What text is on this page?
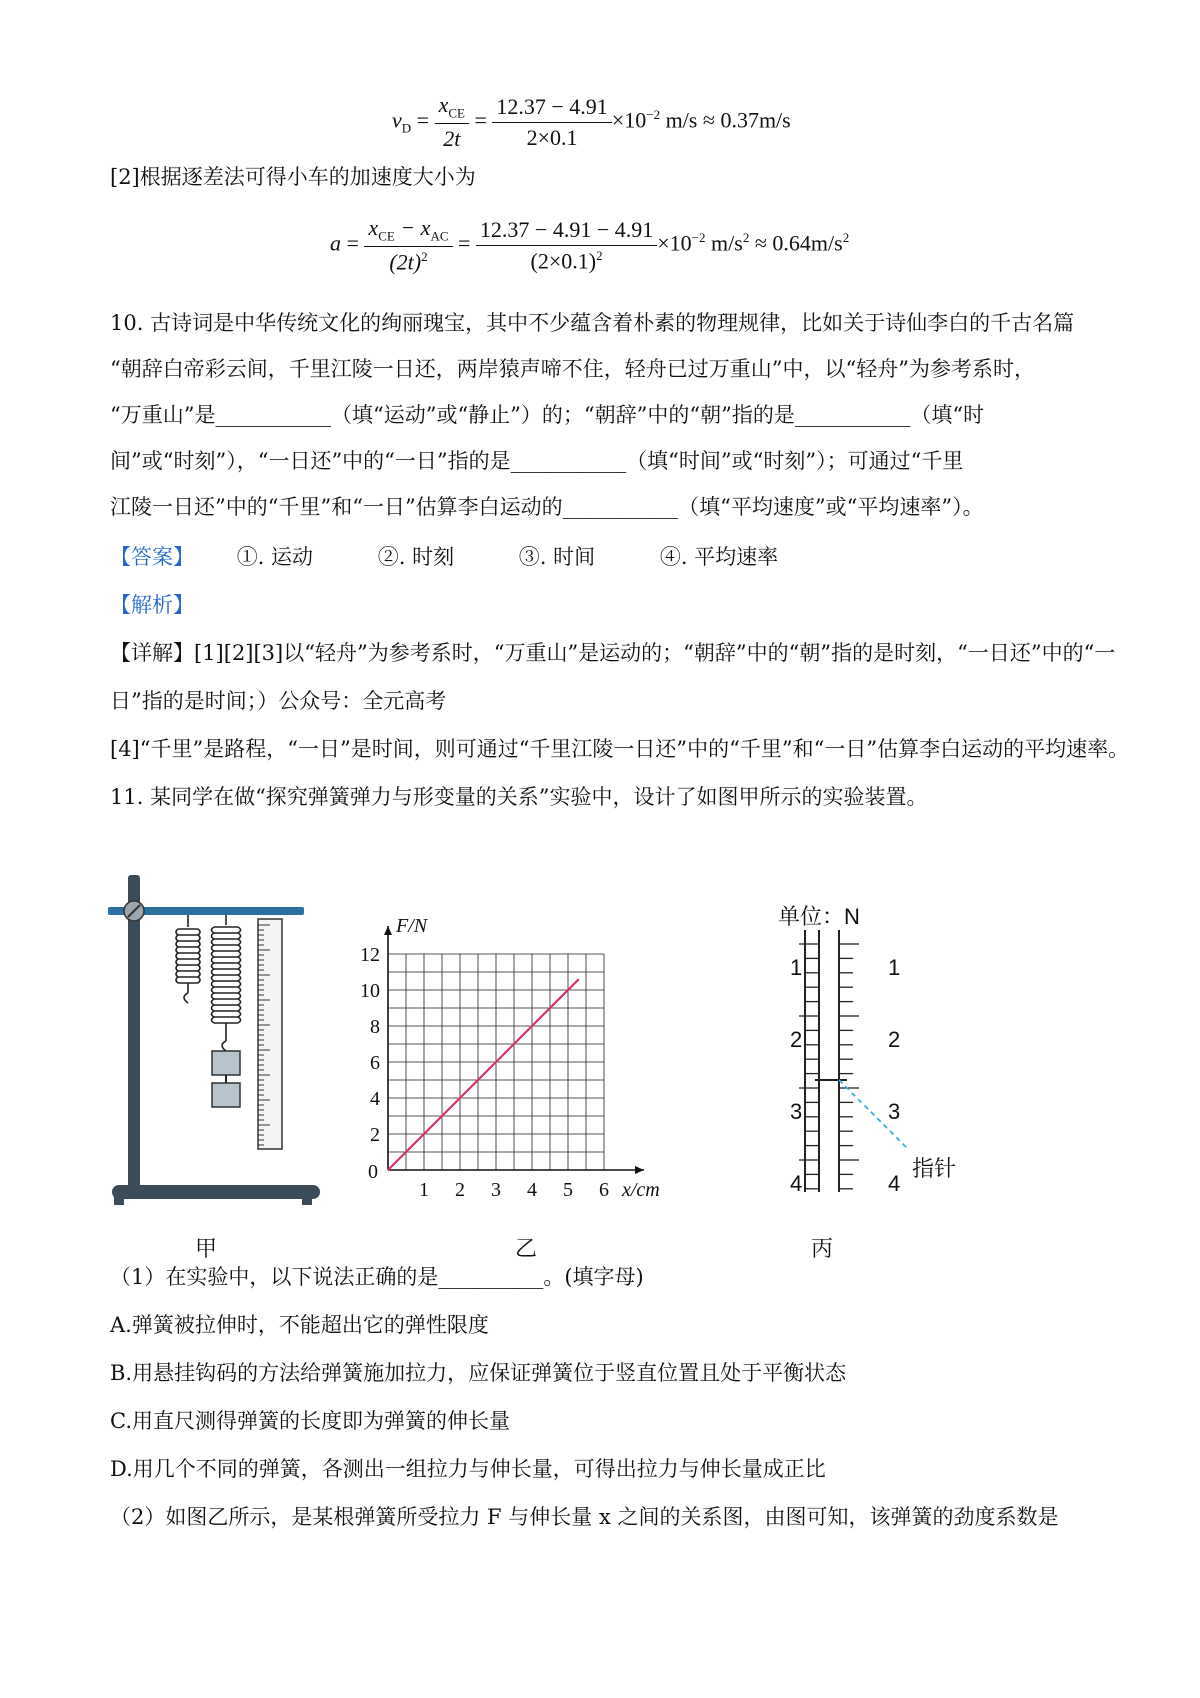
$v_D = \frac{x_{CE}}{2t} = \frac{12.37 - 4.91}{2\times 0.1} \times 10^{-2}$ m/s ≈ 0.37m/s
[2]根据逐差法可得小车的加速度大小为
$a = \frac{x_{CE} - x_{AC}}{(2t)^2} = \frac{12.37 - 4.91 - 4.91}{(2\times 0.1)^2} \times 10^{-2}$ $m/s^2 \approx 0.64m/s^2$
10. 古诗词是中华传统文化的绚丽瑰宝，其中不少蕴含着朴素的物理规律，比如关于诗仙李白的千古名篇
“朝辞白帝彩云间，千里江陵一日还，两岸猿声啼不住，轻舟已过万重山”中，以“轻舟”为参考系时，
“万重山”是___________（填“运动”或“静止”）的；“朝辞”中的“朝”指的是___________（填“时
间”或“时刻”），“一日还”中的“一日”指的是___________（填“时间”或“时刻”）；可通过“千里
江陵一日还”中的“千里”和“一日”估算李白运动的___________（填“平均速度”或“平均速率”）。
【答案】 ①. 运动	②. 时刻	③. 时间	④. 平均速率
【解析】
【详解】[1][2][3]以“轻舟”为参考系时，“万重山”是运动的；“朝辞”中的“朝”指的是时刻，“一日还”中的“一
日”指的是时间；）公众号：全元高考
[4]“千里”是路程，“一日”是时间，则可通过“千里江陵一日还”中的“千里”和“一日”估算李白运动的平均速率。
11. 某同学在做“探究弹簧弹力与形变量的关系”实验中，设计了如图甲所示的实验装置。
甲
1 2 3 4 5 6
2
4
6
8
10
12
0
x/cm
F/N
乙
单位：N
1
2
3
4
1
2
3
4
指针
丙
（1）在实验中，以下说法正确的是__________。(填字母)
A.弹簧被拉伸时，不能超出它的弹性限度
B.用悬挂钩码的方法给弹簧施加拉力，应保证弹簧位于竖直位置且处于平衡状态
C.用直尺测得弹簧的长度即为弹簧的伸长量
D.用几个不同的弹簧，各测出一组拉力与伸长量，可得出拉力与伸长量成正比
（2）如图乙所示，是某根弹簧所受拉力 F 与伸长量 x 之间的关系图，由图可知，该弹簧的劲度系数是
